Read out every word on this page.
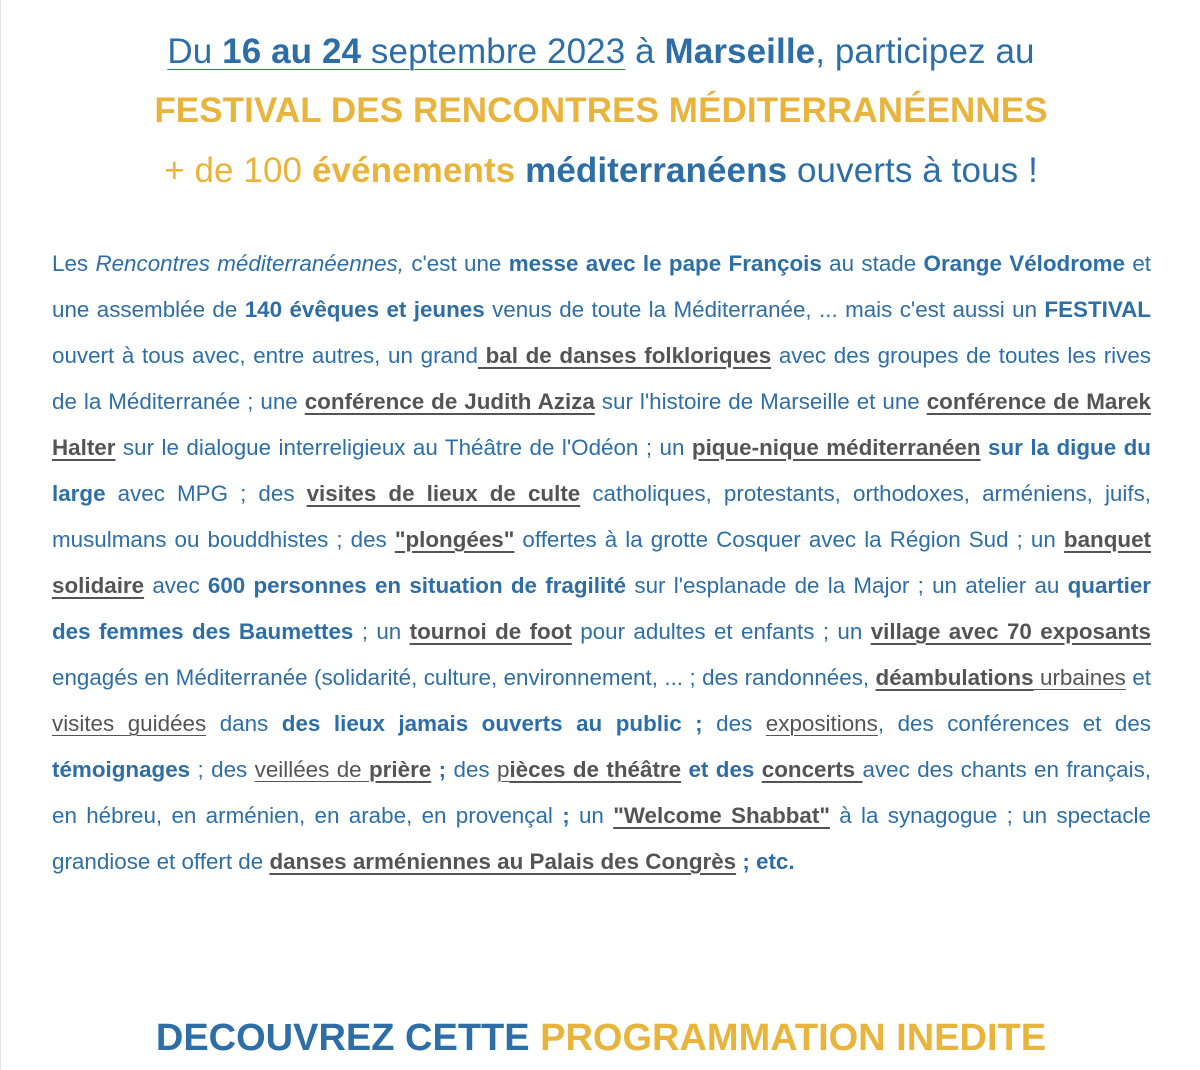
Du 16 au 24 septembre 2023 à Marseille, participez au

FESTIVAL DES RENCONTRES MÉDITERRANÉENNES

+ de 100 événements méditerranéens ouverts à tous !

Les Rencontres méditerranéennes, c'est une messe avec le pape François au stade Orange Vélodrome et une assemblée de 140 évêques et jeunes venus de toute la Méditerranée, ... mais c'est aussi un FESTIVAL ouvert à tous avec, entre autres, un grand bal de danses folkloriques avec des groupes de toutes les rives de la Méditerranée ; une conférence de Judith Aziza sur l'histoire de Marseille et une conférence de Marek Halter sur le dialogue interreligieux au Théâtre de l'Odéon ; un pique-nique méditerranéen sur la digue du large avec MPG ; des visites de lieux de culte catholiques, protestants, orthodoxes, arméniens, juifs, musulmans ou bouddhistes ; des "plongées" offertes à la grotte Cosquer avec la Région Sud ; un banquet solidaire avec 600 personnes en situation de fragilité sur l'esplanade de la Major ; un atelier au quartier des femmes des Baumettes ; un tournoi de foot pour adultes et enfants ; un village avec 70 exposants engagés en Méditerranée (solidarité, culture, environnement, ... ; des randonnées, déambulations urbaines et visites guidées dans des lieux jamais ouverts au public ; des expositions, des conférences et des témoignages ; des veillées de prière ; des pièces de théâtre et des concerts avec des chants en français, en hébreu, en arménien, en arabe, en provençal ; un "Welcome Shabbat" à la synagogue ; un spectacle grandiose et offert de danses arméniennes au Palais des Congrès ; etc.
DECOUVREZ CETTE PROGRAMMATION INEDITE
